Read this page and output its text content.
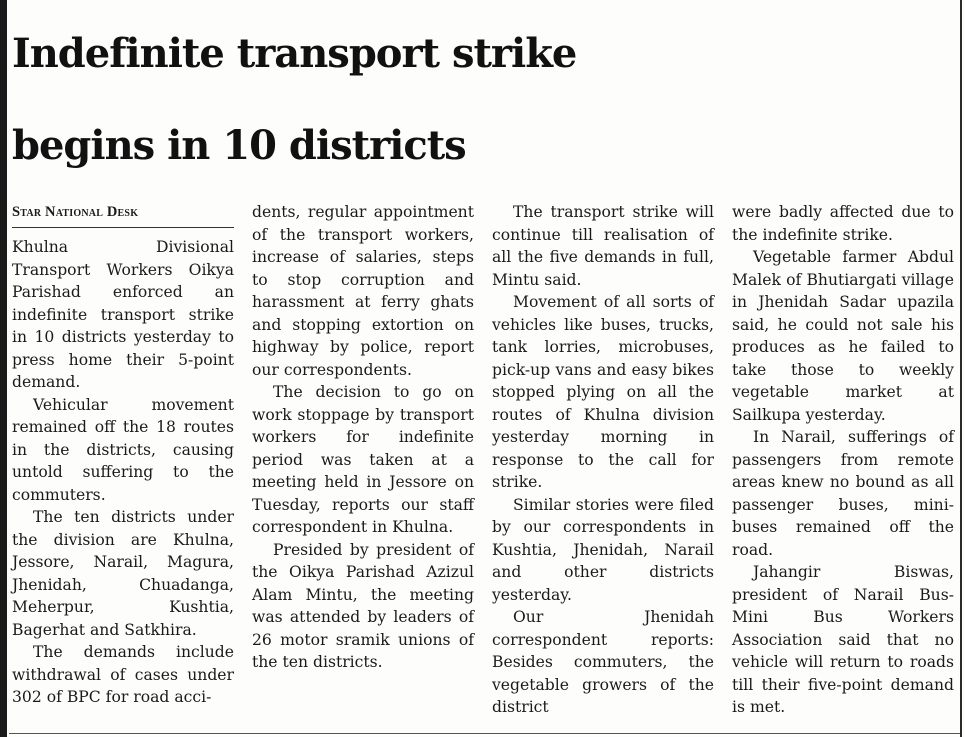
Indefinite transport strike
begins in 10 districts
Star National Desk

Khulna Divisional Transport Workers Oikya Parishad enforced an indefinite transport strike in 10 districts yesterday to press home their 5-point demand.

Vehicular movement remained off the 18 routes in the districts, causing untold suffering to the commuters.

The ten districts under the division are Khulna, Jessore, Narail, Magura, Jhenidah, Chuadanga, Meherpur, Kushtia, Bagerhat and Satkhira.

The demands include withdrawal of cases under 302 of BPC for road acci-

dents, regular appointment of the transport workers, increase of salaries, steps to stop corruption and harassment at ferry ghats and stopping extortion on highway by police, report our correspondents.

The decision to go on work stoppage by transport workers for indefinite period was taken at a meeting held in Jessore on Tuesday, reports our staff correspondent in Khulna.

Presided by president of the Oikya Parishad Azizul Alam Mintu, the meeting was attended by leaders of 26 motor sramik unions of the ten districts.

The transport strike will continue till realisation of all the five demands in full, Mintu said.

Movement of all sorts of vehicles like buses, trucks, tank lorries, microbuses, pick-up vans and easy bikes stopped plying on all the routes of Khulna division yesterday morning in response to the call for strike.

Similar stories were filed by our correspondents in Kushtia, Jhenidah, Narail and other districts yesterday.

Our Jhenidah correspondent reports: Besides commuters, the vegetable growers of the district

were badly affected due to the indefinite strike.

Vegetable farmer Abdul Malek of Bhutiargati village in Jhenidah Sadar upazila said, he could not sale his produces as he failed to take those to weekly vegetable market at Sailkupa yesterday.

In Narail, sufferings of passengers from remote areas knew no bound as all passenger buses, mini-buses remained off the road.

Jahangir Biswas, president of Narail Bus-Mini Bus Workers Association said that no vehicle will return to roads till their five-point demand is met.
